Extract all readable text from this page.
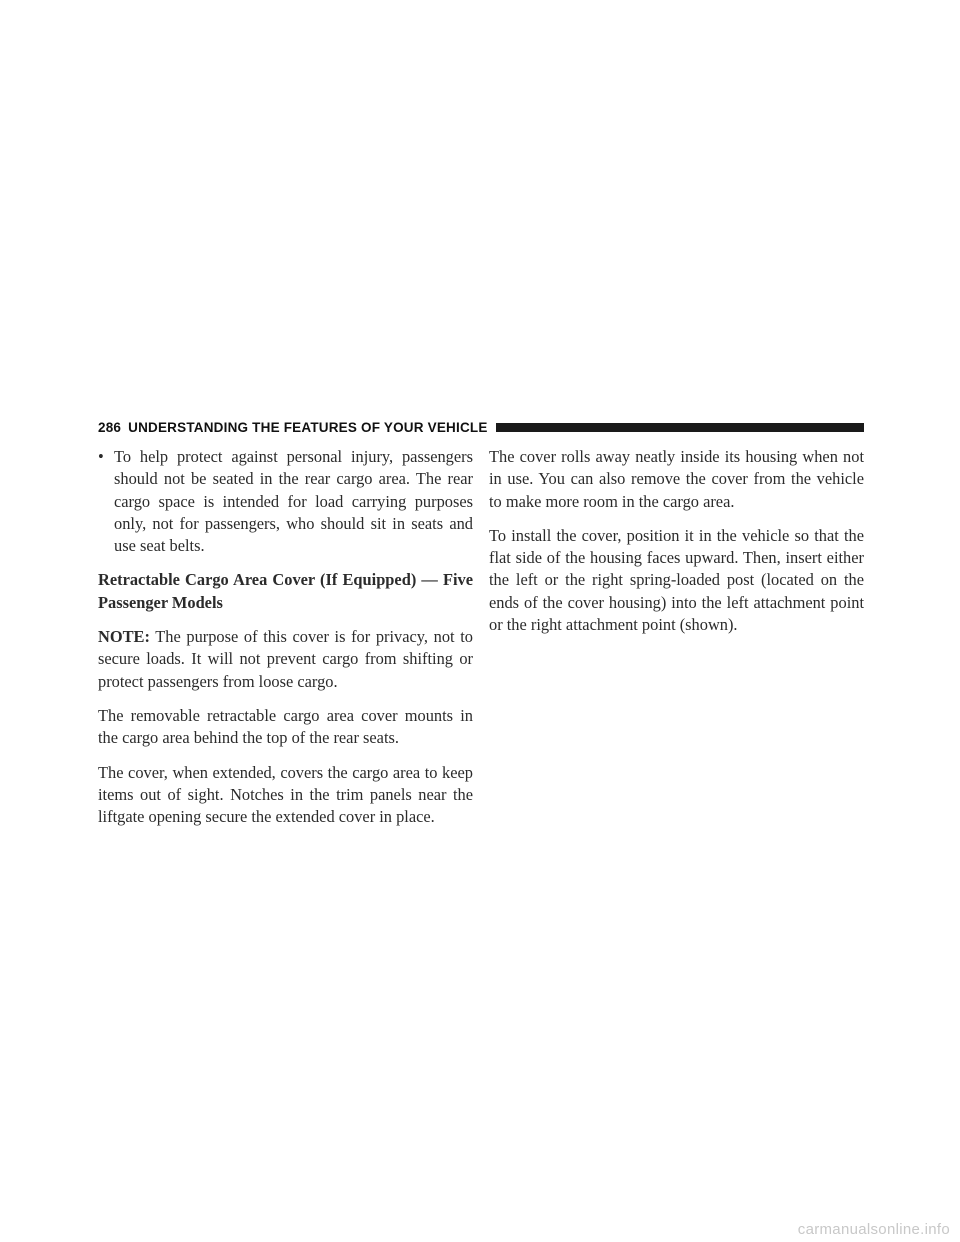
286 UNDERSTANDING THE FEATURES OF YOUR VEHICLE
• To help protect against personal injury, passengers should not be seated in the rear cargo area. The rear cargo space is intended for load carrying purposes only, not for passengers, who should sit in seats and use seat belts.
Retractable Cargo Area Cover (If Equipped) — Five Passenger Models

NOTE: The purpose of this cover is for privacy, not to secure loads. It will not prevent cargo from shifting or protect passengers from loose cargo.

The removable retractable cargo area cover mounts in the cargo area behind the top of the rear seats.

The cover, when extended, covers the cargo area to keep items out of sight. Notches in the trim panels near the liftgate opening secure the extended cover in place.

The cover rolls away neatly inside its housing when not in use. You can also remove the cover from the vehicle to make more room in the cargo area.

To install the cover, position it in the vehicle so that the flat side of the housing faces upward. Then, insert either the left or the right spring-loaded post (located on the ends of the cover housing) into the left attachment point or the right attachment point (shown).

carmanualsonline.info
